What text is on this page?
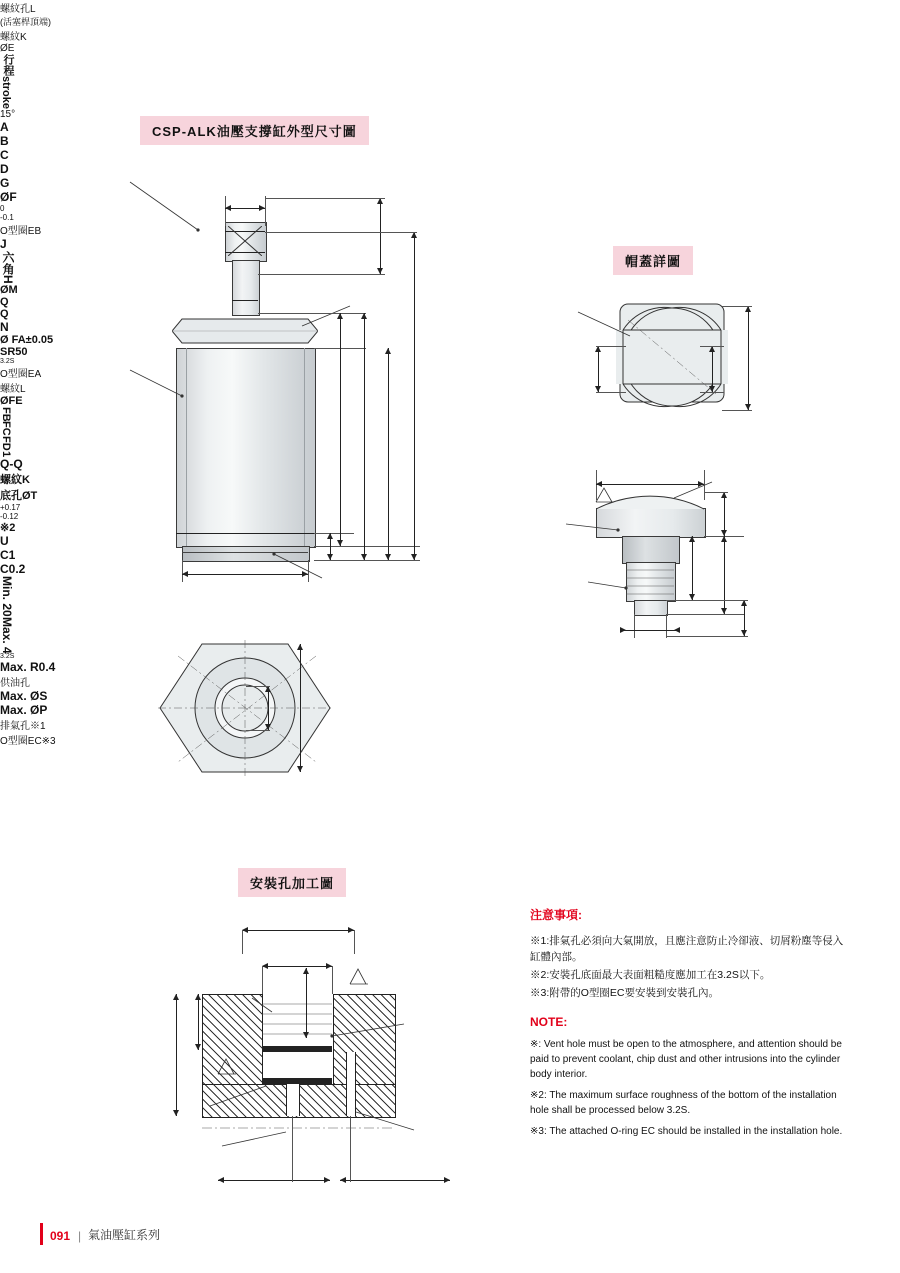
CSP-ALK油壓支撐缸外型尺寸圖
螺紋孔L
(活塞桿頂端)
螺紋K
ØE
行程
stroke
15°
A
B
C
D
G
ØF
0
-0.1
O型圈EB
J
六角H	帽蓋詳圖
ØM
Q
Q
N
Ø FA±0.05
SR50
3.2S
O型圈EA
螺紋L
ØFE
FB
FC
FD
1
Q-Q
安裝孔加工圖
螺紋K
底孔ØT
+0.17
-0.12
※2
U
C1
C0.2
Min. 20
Max. 4
3.2S
Max. R0.4
供油孔
Max. ØS
Max. ØP
排氣孔※1
O型圈EC※3
注意事項:
※1:排氣孔必須向大氣開放，且應注意防止冷卻液、切屑粉塵等侵入缸體內部。
※2:安裝孔底面最大表面粗糙度應加工在3.2S以下。
※3:附帶的O型圈EC要安裝到安裝孔內。
NOTE:
※: Vent hole must be open to the atmosphere, and attention should be paid to prevent coolant, chip dust and other intrusions into the cylinder body interior.
※2: The maximum surface roughness of the bottom of the installation hole shall be processed below 3.2S.
※3: The attached O-ring EC should be installed in the installation hole.
091 | 氣油壓缸系列
